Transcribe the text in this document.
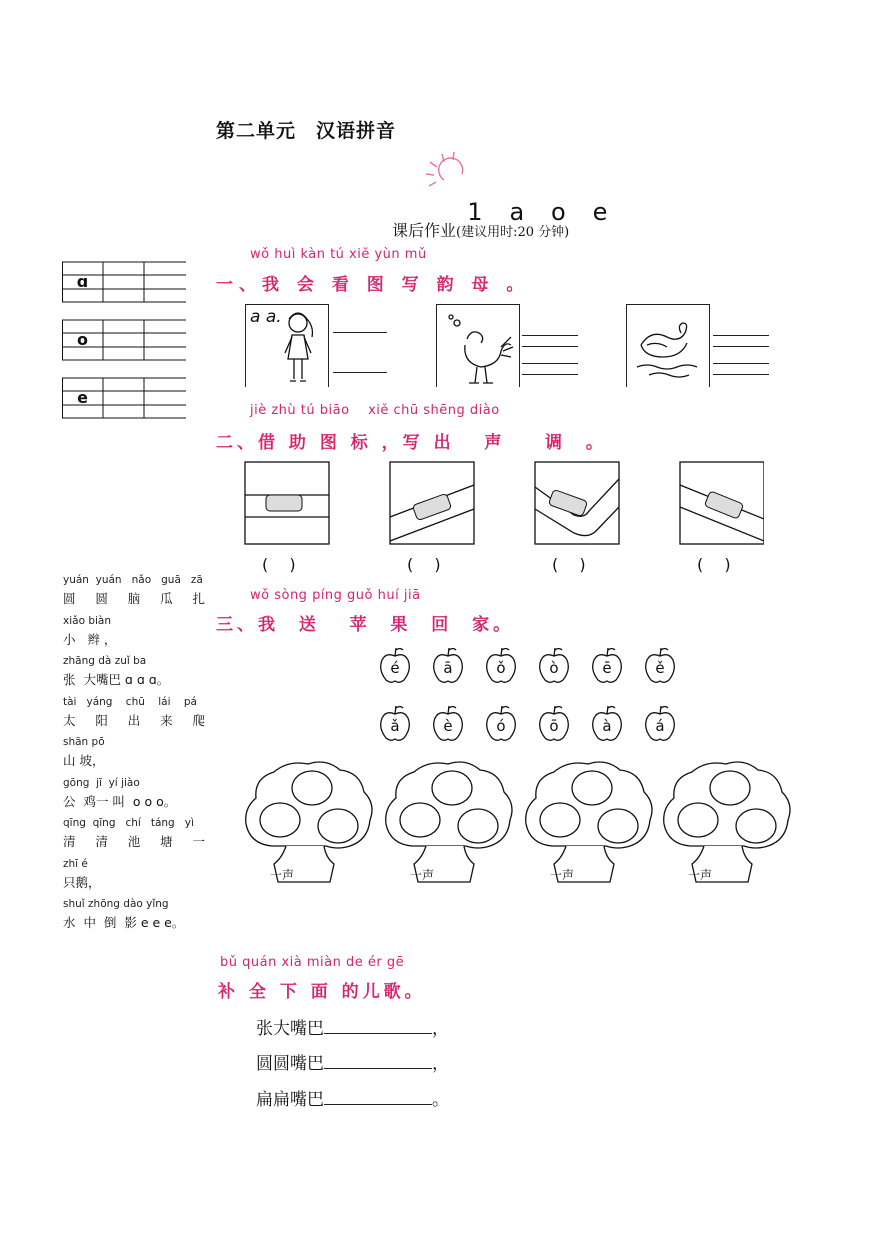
第二单元　汉语拼音

1 a   o   e

课后作业(建议用时:20 分钟)
ɑ
o
e
wǒ huì kàn tú xiě yùn mǔ
一、我 会 看 图 写 韵 母 。
a a.
jiè zhù tú biāo    xiě chū shēng diào
二、借 助 图 标 ，写 出   声    调  。
(　 )	(　 )	(　 )	(　 )
wǒ sòng píng guǒ huí jiā
三、我  送   苹  果  回  家。
é	ā	ǒ	ò	ē	ě
ǎ	è	ó	ō	à	á
一声	一声	一声	一声
yuán  yuán   nǎo   guā   zā
圆     圆     脑     瓜     扎
xiǎo biàn
小   辫 ，
zhāng dà zuǐ ba
张  大嘴巴 ɑ ɑ ɑ。
tài   yáng    chū    lái    pá
太     阳     出     来     爬
shān pō
山 坡，
gōng  jī  yí jiào
公  鸡一 叫  o o o。
qīng  qīng   chí   táng   yì
清     清     池     塘     一
zhī é
只鹅，
shuǐ zhōng dào yǐng
水  中  倒  影 e e e。
bǔ quán xià miàn de ér gē
补 全 下 面 的儿歌。
张大嘴巴	，
圆圆嘴巴	，
扁扁嘴巴	。
